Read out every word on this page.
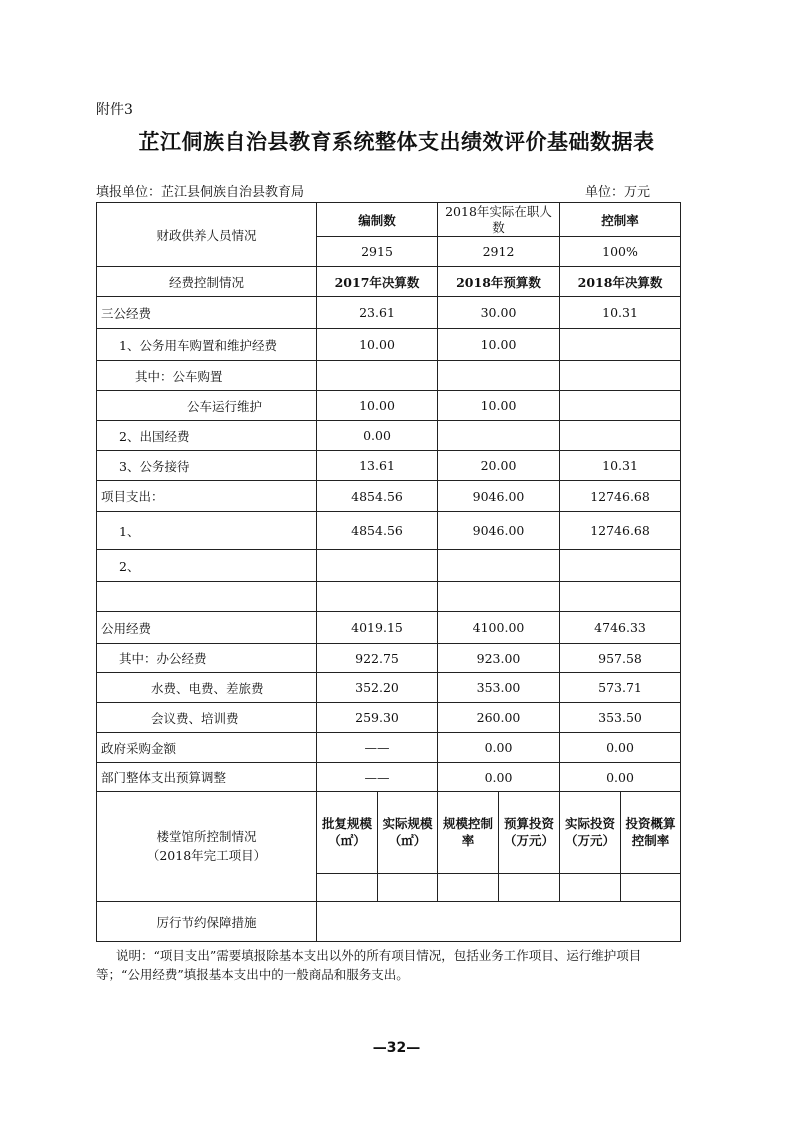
附件3
芷江侗族自治县教育系统整体支出绩效评价基础数据表
填报单位：芷江县侗族自治县教育局	单位：万元
财政供养人员情况	编制数		2018年实际在职人数		控制率	
	2915		2912		100%	
经费控制情况	2017年决算数		2018年预算数		2018年决算数	
三公经费	23.61		30.00		10.31	
1、公务用车购置和维护经费	10.00		10.00			
其中：公车购置						
公车运行维护	10.00		10.00			
2、出国经费	0.00					
3、公务接待	13.61		20.00		10.31	
项目支出：	4854.56		9046.00		12746.68	
1、	4854.56		9046.00		12746.68	
2、						

公用经费	4019.15		4100.00		4746.33	
其中：办公经费	922.75		923.00		957.58	
水费、电费、差旅费	352.20		353.00		573.71	
会议费、培训费	259.30		260.00		353.50	
政府采购金额	——		0.00		0.00	
部门整体支出预算调整	——		0.00		0.00	

楼堂馆所控制情况
（2018年完工项目）	批复规模（㎡）	实际规模（㎡）	规模控制率	预算投资（万元）	实际投资（万元）	投资概算控制率

厉行节约保障措施						
说明：“项目支出”需要填报除基本支出以外的所有项目情况，包括业务工作项目、运行维护项目等；“公用经费”填报基本支出中的一般商品和服务支出。
—32—
